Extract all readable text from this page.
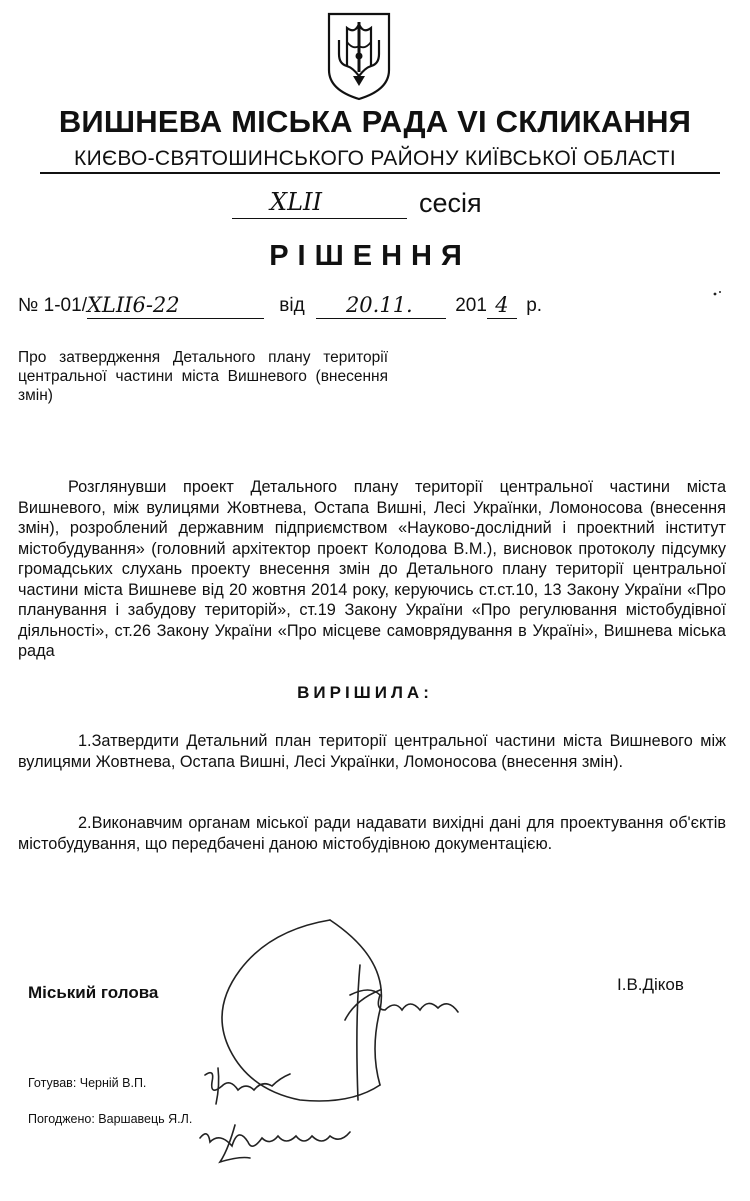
ВИШНЕВА МІСЬКА РАДА VI СКЛИКАННЯ
КИЄВО-СВЯТОШИНСЬКОГО РАЙОНУ КИЇВСЬКОЇ ОБЛАСТІ
XLII	сесія
РІШЕННЯ
№ 1-01/XLII6-22	від 20.11. 201 4 р.
Про затвердження Детального плану території центральної частини міста Вишневого (внесення змін)
Розглянувши проект Детального плану території центральної частини міста Вишневого, між вулицями Жовтнева, Остапа Вишні, Лесі Українки, Ломоносова (внесення змін), розроблений державним підприємством «Науково-дослідний і проектний інститут містобудування» (головний архітектор проект Колодова В.М.), висновок протоколу підсумку громадських слухань проекту внесення змін до Детального плану території центральної частини міста Вишневе від 20 жовтня 2014 року, керуючись ст.ст.10, 13 Закону України «Про планування і забудову територій», ст.19 Закону України «Про регулювання містобудівної діяльності», ст.26 Закону України «Про місцеве самоврядування в Україні», Вишнева міська рада
ВИРІШИЛА:
1.Затвердити Детальний план території центральної частини міста Вишневого між вулицями Жовтнева, Остапа Вишні, Лесі Українки, Ломоносова (внесення змін).
2.Виконавчим органам міської ради надавати вихідні дані для проектування об'єктів містобудування, що передбачені даною містобудівною документацією.
Міський голова	І.В.Діков
Готував: Черній В.П.
Погоджено: Варшавець Я.Л.
